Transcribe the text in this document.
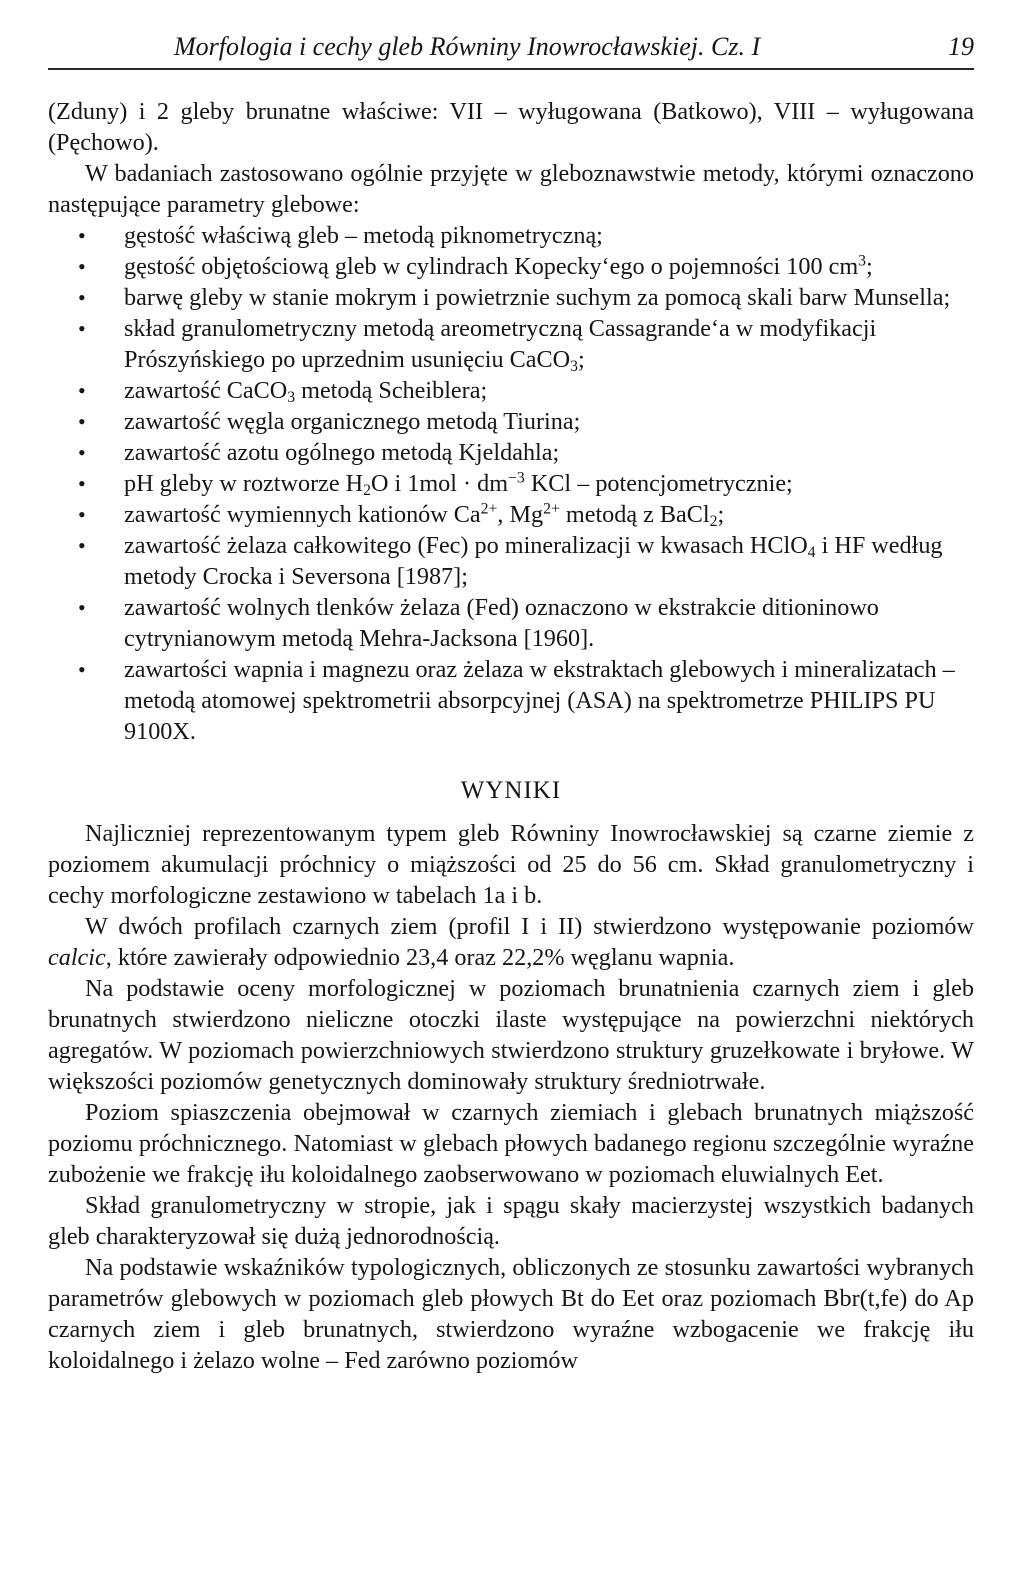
Morfologia i cechy gleb Równiny Inowrocławskiej. Cz. I	19

(Zduny) i 2 gleby brunatne właściwe: VII – wyługowana (Batkowo), VIII – wyługowana (Pęchowo).

W badaniach zastosowano ogólnie przyjęte w gleboznawstwie metody, którymi oznaczono następujące parametry glebowe:

• gęstość właściwą gleb – metodą piknometryczną;
• gęstość objętościową gleb w cylindrach Kopecky‘ego o pojemności 100 $cm^3$;
• barwę gleby w stanie mokrym i powietrznie suchym za pomocą skali barw Munsella;
• skład granulometryczny metodą areometryczną Cassagrande‘a w modyfikacji Prószyńskiego po uprzednim usunięciu CaCO$_3$;
• zawartość CaCO$_3$ metodą Scheiblera;
• zawartość węgla organicznego metodą Tiurina;
• zawartość azotu ogólnego metodą Kjeldahla;
• pH gleby w roztworze $H_2O$ i $1mol \cdot dm^{-3}$ KCl – potencjometrycznie;
• zawartość wymiennych kationów $Ca^{2+}$, $Mg^{2+}$ metodą z BaCl$_2$;
• zawartość żelaza całkowitego (Fec) po mineralizacji w kwasach HClO$_4$ i HF według metody Crocka i Seversona [1987];
• zawartość wolnych tlenków żelaza (Fed) oznaczono w ekstrakcie ditioninowo cytrynianowym metodą Mehra-Jacksona [1960].
• zawartości wapnia i magnezu oraz żelaza w ekstraktach glebowych i mineralizatach – metodą atomowej spektrometrii absorpcyjnej (ASA) na spektrometrze PHILIPS PU 9100X.

WYNIKI

Najliczniej reprezentowanym typem gleb Równiny Inowrocławskiej są czarne ziemie z poziomem akumulacji próchnicy o miąższości od 25 do 56 cm. Skład granulometryczny i cechy morfologiczne zestawiono w tabelach 1a i b.

W dwóch profilach czarnych ziem (profil I i II) stwierdzono występowanie poziomów calcic, które zawierały odpowiednio 23,4 oraz 22,2% węglanu wapnia.

Na podstawie oceny morfologicznej w poziomach brunatnienia czarnych ziem i gleb brunatnych stwierdzono nieliczne otoczki ilaste występujące na powierzchni niektórych agregatów. W poziomach powierzchniowych stwierdzono struktury gruzełkowate i bryłowe. W większości poziomów genetycznych dominowały struktury średniotrwałe.

Poziom spiaszczenia obejmował w czarnych ziemiach i glebach brunatnych miąższość poziomu próchnicznego. Natomiast w glebach płowych badanego regionu szczególnie wyraźne zubożenie we frakcję iłu koloidalnego zaobserwowano w poziomach eluwialnych Eet.

Skład granulometryczny w stropie, jak i spągu skały macierzystej wszystkich badanych gleb charakteryzował się dużą jednorodnością.

Na podstawie wskaźników typologicznych, obliczonych ze stosunku zawartości wybranych parametrów glebowych w poziomach gleb płowych Bt do Eet oraz poziomach Bbr(t,fe) do Ap czarnych ziem i gleb brunatnych, stwierdzono wyraźne wzbogacenie we frakcję iłu koloidalnego i żelazo wolne – Fed zarówno poziomów
